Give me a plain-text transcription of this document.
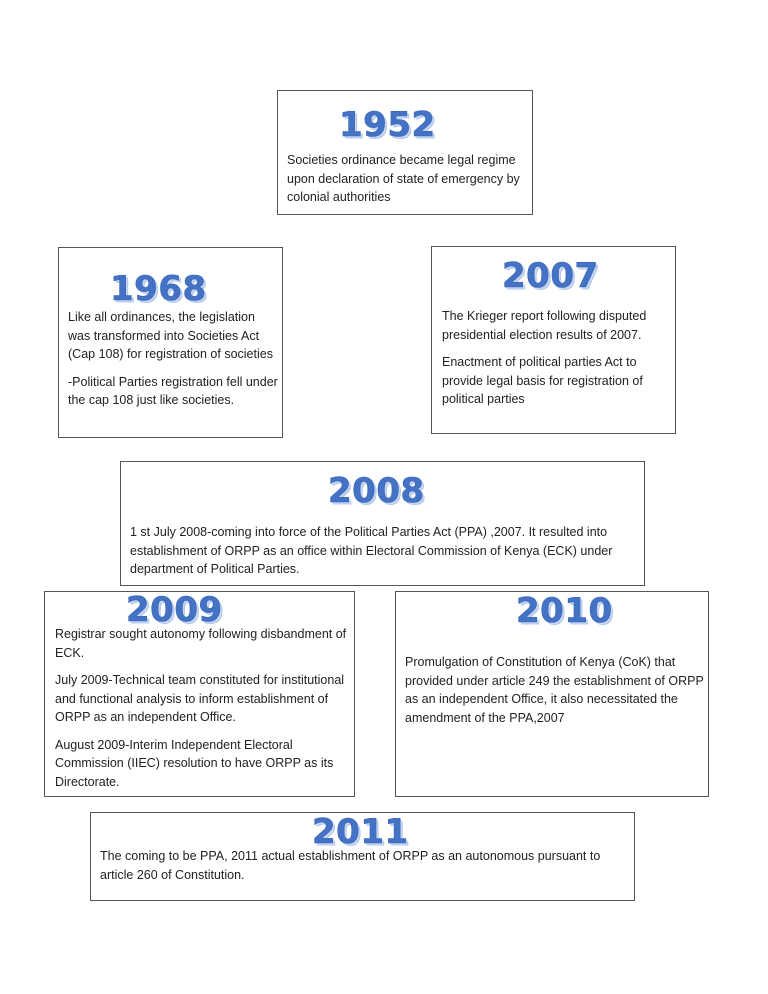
1952

Societies ordinance became legal regime upon declaration of state of emergency by colonial authorities

1968

Like all ordinances, the legislation was transformed into Societies Act (Cap 108) for registration of societies

-Political Parties registration fell under the cap 108 just like societies.

2007

The Krieger report following disputed presidential election results of 2007.

Enactment of political parties Act to provide legal basis for registration of political parties

2008

1 st July 2008-coming into force of the Political Parties Act (PPA) ,2007. It resulted into establishment of ORPP as an office within Electoral Commission of Kenya (ECK) under department of Political Parties.

2009

Registrar sought autonomy following disbandment of ECK.

July 2009-Technical team constituted for institutional and functional analysis to inform establishment of ORPP as an independent Office.

August 2009-Interim Independent Electoral Commission (IIEC) resolution to have ORPP as its Directorate.

2010

Promulgation of Constitution of Kenya (CoK) that provided under article 249 the establishment of ORPP as an independent Office, it also necessitated the amendment of the PPA,2007

2011

The coming to be PPA, 2011 actual establishment of ORPP as an autonomous pursuant to article 260 of Constitution.
